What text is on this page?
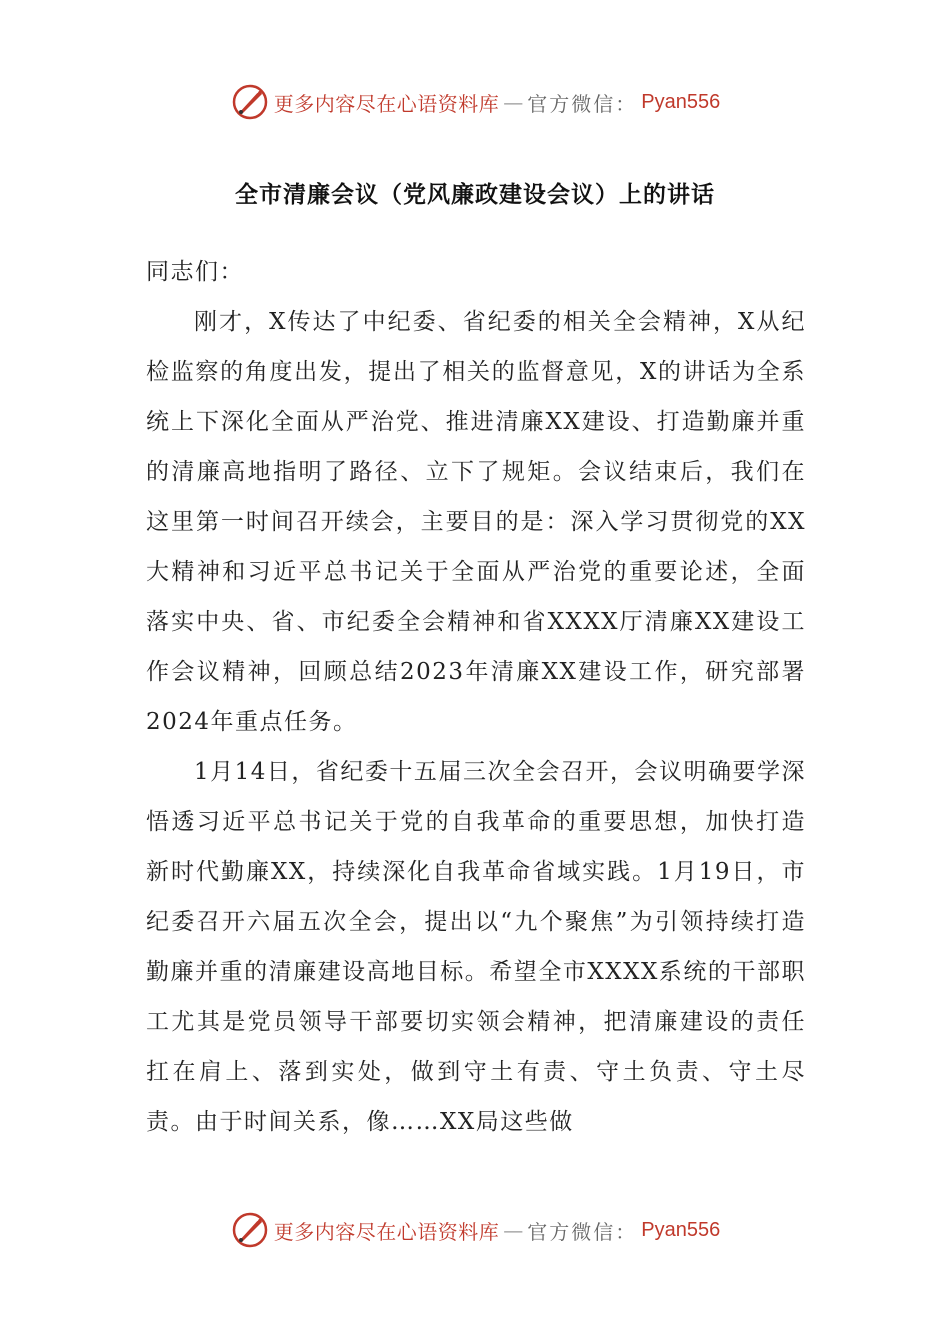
更多内容尽在心语资料库 — 官方微信： Pyan556
全市清廉会议（党风廉政建设会议）上的讲话

同志们：

刚才，X传达了中纪委、省纪委的相关全会精神，X从纪检监察的角度出发，提出了相关的监督意见，X的讲话为全系统上下深化全面从严治党、推进清廉XX建设、打造勤廉并重的清廉高地指明了路径、立下了规矩。会议结束后，我们在这里第一时间召开续会，主要目的是：深入学习贯彻党的XX大精神和习近平总书记关于全面从严治党的重要论述，全面落实中央、省、市纪委全会精神和省XXXX厅清廉XX建设工作会议精神，回顾总结2023年清廉XX建设工作，研究部署2024年重点任务。

1月14日，省纪委十五届三次全会召开，会议明确要学深悟透习近平总书记关于党的自我革命的重要思想，加快打造新时代勤廉XX，持续深化自我革命省域实践。1月19日，市纪委召开六届五次全会，提出以“九个聚焦”为引领持续打造勤廉并重的清廉建设高地目标。希望全市XXXX系统的干部职工尤其是党员领导干部要切实领会精神，把清廉建设的责任扛在肩上、落到实处，做到守土有责、守土负责、守土尽责。由于时间关系，像……XX局这些做

更多内容尽在心语资料库 — 官方微信： Pyan556
